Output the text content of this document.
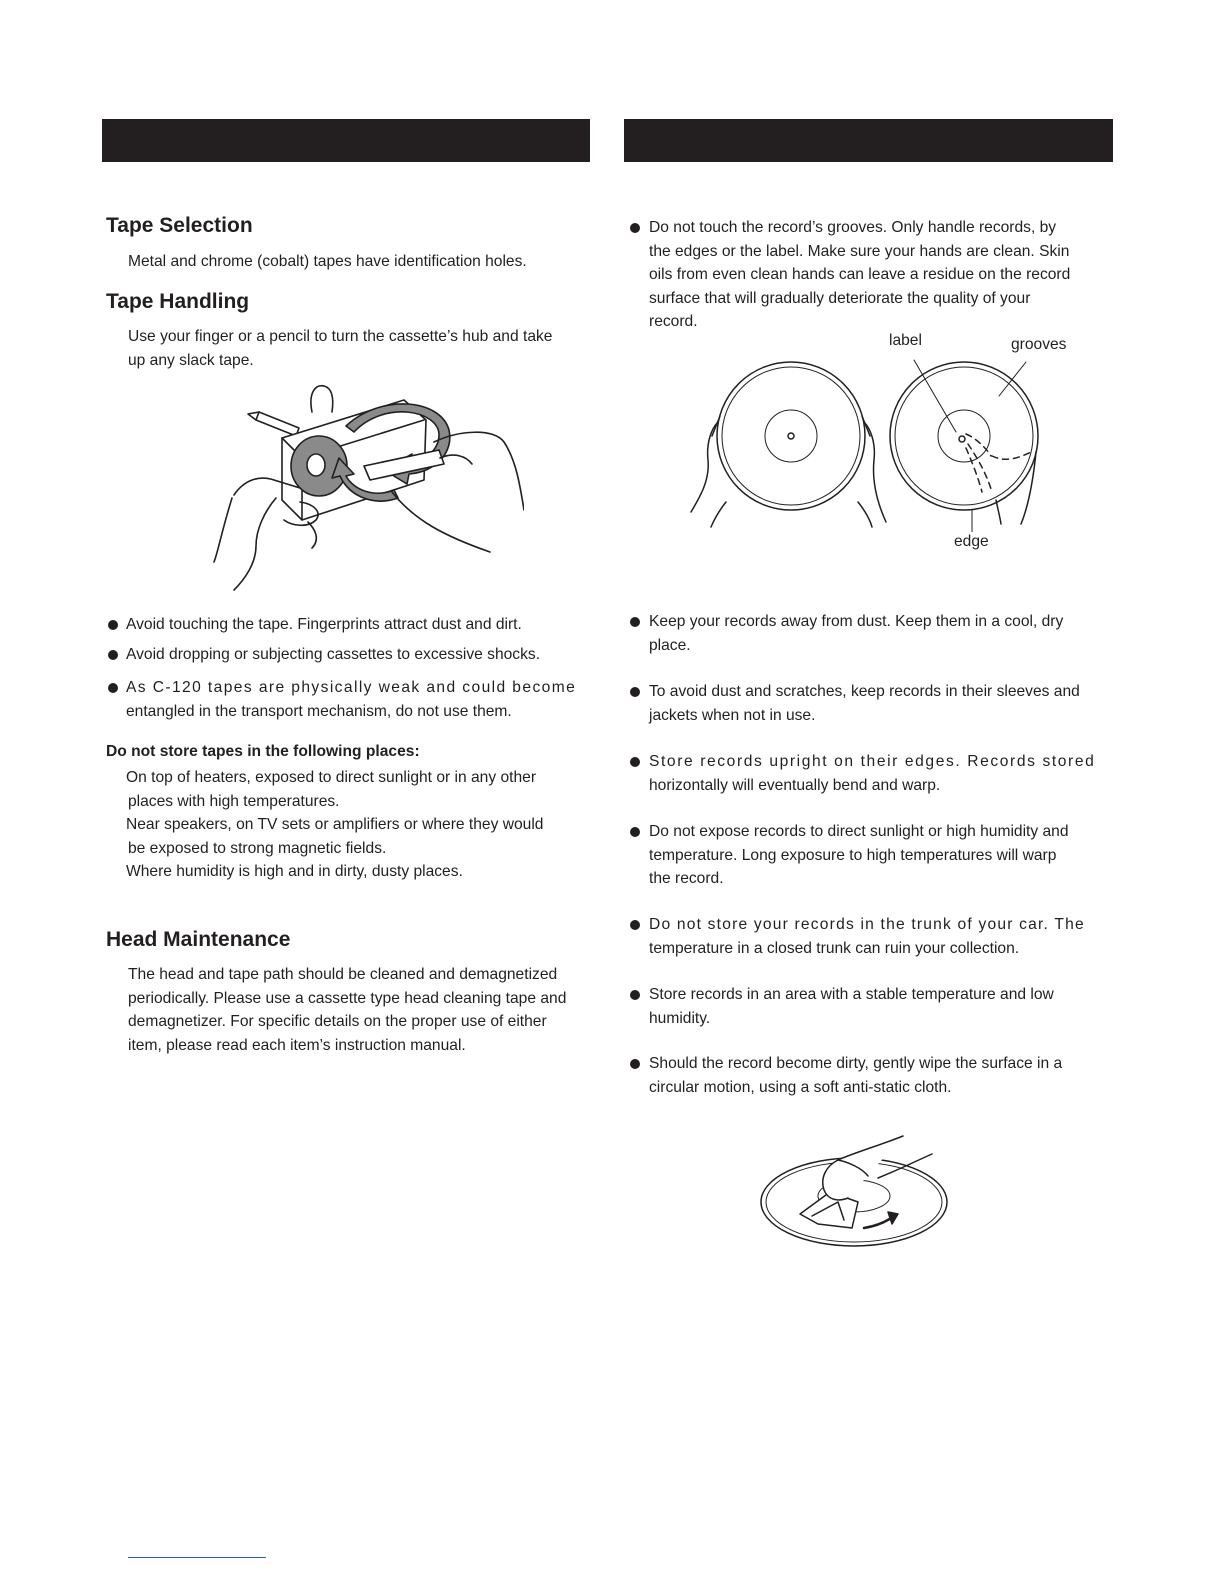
Tape Selection
Metal and chrome (cobalt) tapes have identification holes.
Tape Handling
Use your finger or a pencil to turn the cassette’s hub and take
up any slack tape.
Avoid touching the tape. Fingerprints attract dust and dirt.
Avoid dropping or subjecting cassettes to excessive shocks.
As C-120 tapes are physically weak and could become
entangled in the transport mechanism, do not use them.
Do not store tapes in the following places:
On top of heaters, exposed to direct sunlight or in any other
places with high temperatures.
Near speakers, on TV sets or amplifiers or where they would
be exposed to strong magnetic fields.
Where humidity is high and in dirty, dusty places.
Head Maintenance
The head and tape path should be cleaned and demagnetized
periodically. Please use a cassette type head cleaning tape and
demagnetizer. For specific details on the proper use of either
item, please read each item’s instruction manual.
Do not touch the record’s grooves. Only handle records, by
the edges or the label. Make sure your hands are clean. Skin
oils from even clean hands can leave a residue on the record
surface that will gradually deteriorate the quality of your
record.
label	grooves
edge
Keep your records away from dust. Keep them in a cool, dry
place.
To avoid dust and scratches, keep records in their sleeves and
jackets when not in use.
Store records upright on their edges. Records stored
horizontally will eventually bend and warp.
Do not expose records to direct sunlight or high humidity and
temperature. Long exposure to high temperatures will warp
the record.
Do not store your records in the trunk of your car. The
temperature in a closed trunk can ruin your collection.
Store records in an area with a stable temperature and low
humidity.
Should the record become dirty, gently wipe the surface in a
circular motion, using a soft anti-static cloth.
